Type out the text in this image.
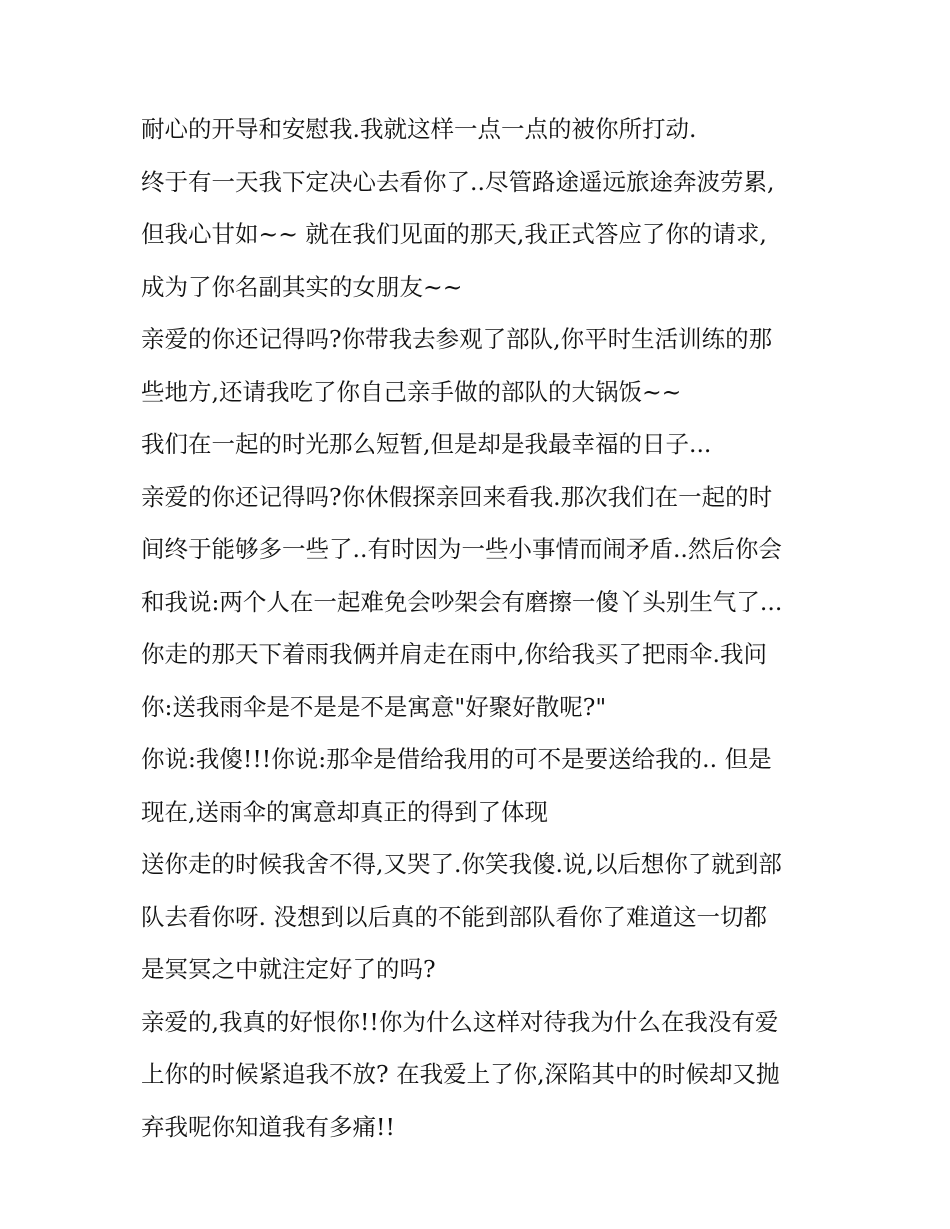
耐心的开导和安慰我.我就这样一点一点的被你所打动.
终于有一天我下定决心去看你了..尽管路途遥远旅途奔波劳累,
但我心甘如~~ 就在我们见面的那天,我正式答应了你的请求,
成为了你名副其实的女朋友~~
亲爱的你还记得吗?你带我去参观了部队,你平时生活训练的那
些地方,还请我吃了你自己亲手做的部队的大锅饭~~
我们在一起的时光那么短暂,但是却是我最幸福的日子...
亲爱的你还记得吗?你休假探亲回来看我.那次我们在一起的时
间终于能够多一些了..有时因为一些小事情而闹矛盾..然后你会
和我说:两个人在一起难免会吵架会有磨擦一傻丫头别生气了...
你走的那天下着雨我俩并肩走在雨中,你给我买了把雨伞.我问
你:送我雨伞是不是是不是寓意"好聚好散呢?"
你说:我傻!!!你说:那伞是借给我用的可不是要送给我的.. 但是
现在,送雨伞的寓意却真正的得到了体现
送你走的时候我舍不得,又哭了.你笑我傻.说,以后想你了就到部
队去看你呀. 没想到以后真的不能到部队看你了难道这一切都
是冥冥之中就注定好了的吗?
亲爱的,我真的好恨你!!你为什么这样对待我为什么在我没有爱
上你的时候紧追我不放? 在我爱上了你,深陷其中的时候却又抛
弃我呢你知道我有多痛!!
